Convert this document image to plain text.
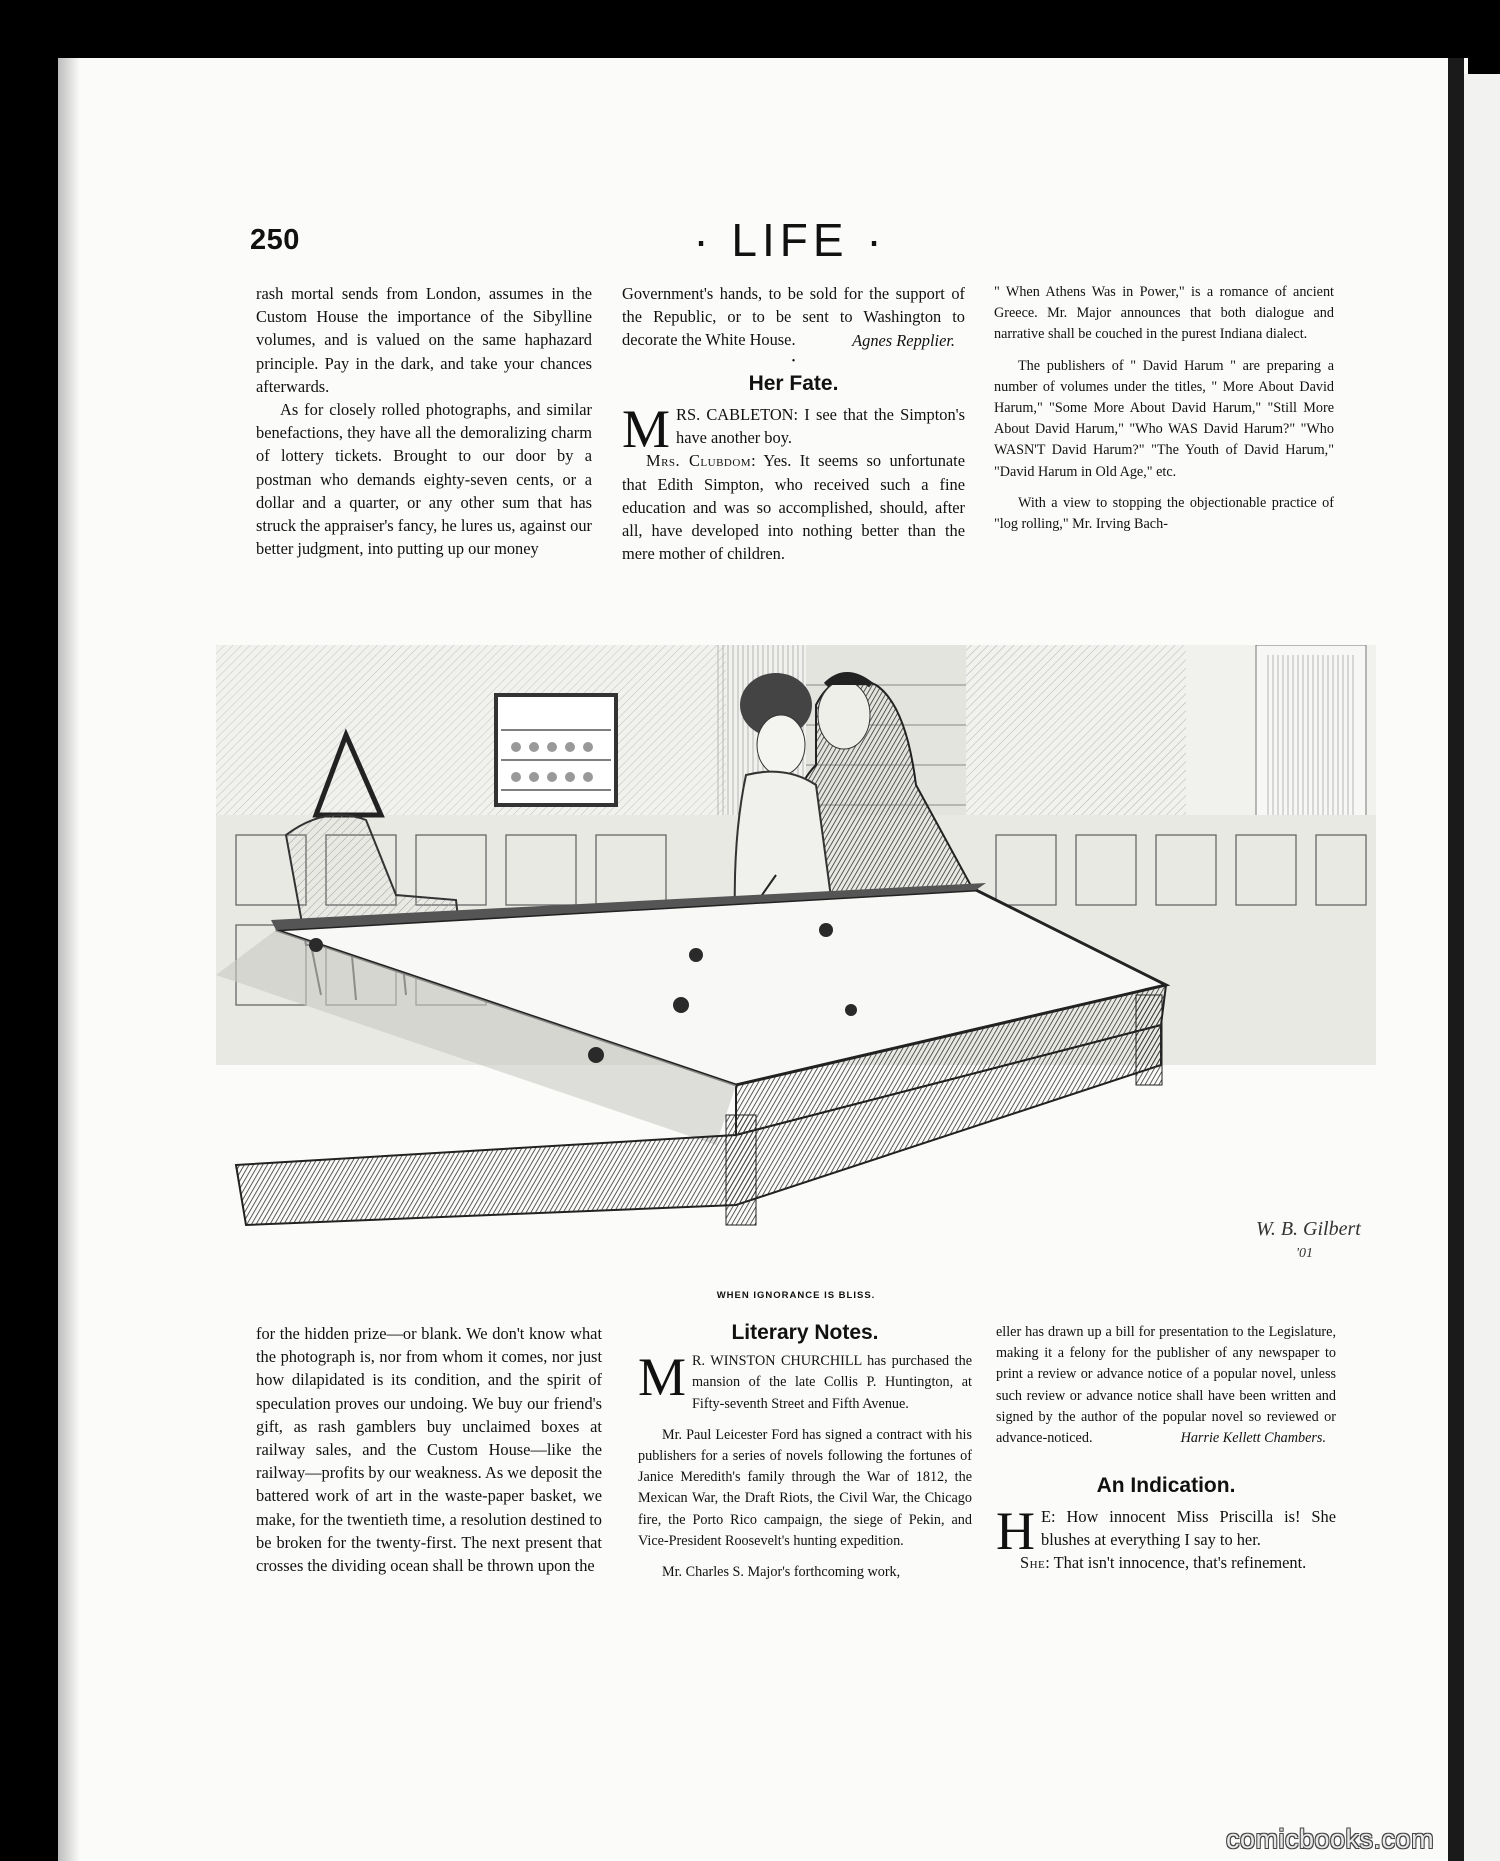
250	· LIFE ·

rash mortal sends from London, assumes in the Custom House the importance of the Sibylline volumes, and is valued on the same haphazard principle. Pay in the dark, and take your chances afterwards.

As for closely rolled photographs, and similar benefactions, they have all the demoralizing charm of lottery tickets. Brought to our door by a postman who demands eighty-seven cents, or a dollar and a quarter, or any other sum that has struck the appraiser's fancy, he lures us, against our better judgment, into putting up our money

Government's hands, to be sold for the support of the Republic, or to be sent to Washington to decorate the White House.	Agnes Repplier.
•
Her Fate.

MRS. CABLETON: I see that the Simpton's have another boy.

Mrs. Clubdom: Yes. It seems so unfortunate that Edith Simpton, who received such a fine education and was so accomplished, should, after all, have developed into nothing better than the mere mother of children.

" When Athens Was in Power," is a romance of ancient Greece. Mr. Major announces that both dialogue and narrative shall be couched in the purest Indiana dialect.

The publishers of " David Harum " are preparing a number of volumes under the titles, " More About David Harum," "Some More About David Harum," "Still More About David Harum," "Who WAS David Harum?" "Who WASN'T David Harum?" "The Youth of David Harum," "David Harum in Old Age," etc.

With a view to stopping the objectionable practice of "log rolling," Mr. Irving Bach-

W. B. Gilbert
'01
WHEN IGNORANCE IS BLISS.

for the hidden prize—or blank. We don't know what the photograph is, nor from whom it comes, nor just how dilapidated is its condition, and the spirit of speculation proves our undoing. We buy our friend's gift, as rash gamblers buy unclaimed boxes at railway sales, and the Custom House—like the railway—profits by our weakness. As we deposit the battered work of art in the waste-paper basket, we make, for the twentieth time, a resolution destined to be broken for the twenty-first. The next present that crosses the dividing ocean shall be thrown upon the

Literary Notes.

M R. WINSTON CHURCHILL has purchased the mansion of the late Collis P. Huntington, at Fifty-seventh Street and Fifth Avenue.

Mr. Paul Leicester Ford has signed a contract with his publishers for a series of novels following the fortunes of Janice Meredith's family through the War of 1812, the Mexican War, the Draft Riots, the Civil War, the Chicago fire, the Porto Rico campaign, the siege of Pekin, and Vice-President Roosevelt's hunting expedition.

Mr. Charles S. Major's forthcoming work,

eller has drawn up a bill for presentation to the Legislature, making it a felony for the publisher of any newspaper to print a review or advance notice of a popular novel, unless such review or advance notice shall have been written and signed by the author of the popular novel so reviewed or advance-noticed.	Harrie Kellett Chambers.
An Indication.

H E: How innocent Miss Priscilla is! She blushes at everything I say to her.

She: That isn't innocence, that's refinement.

comicbooks.com
